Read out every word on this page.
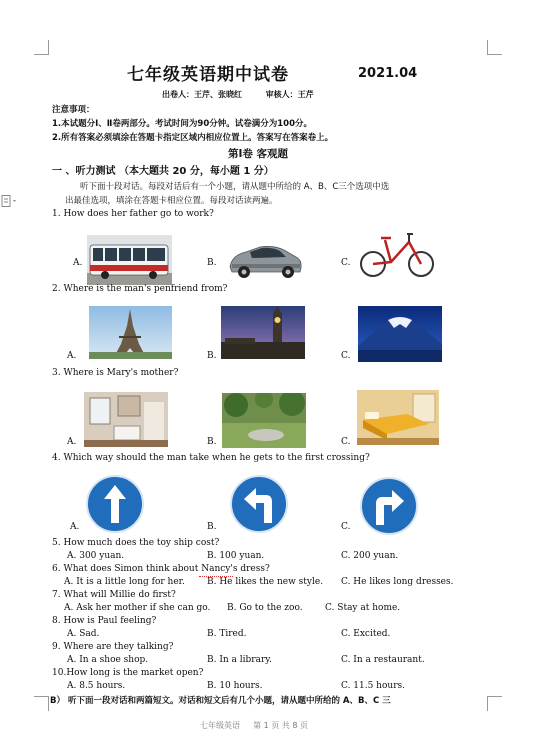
七年级英语期中试卷	2021.04
出卷人：王芹、张晓红	审核人：王芹
注意事项：
1.本试题分Ⅰ、Ⅱ卷两部分。考试时间为90分钟。试卷满分为100分。
2.所有答案必须填涂在答题卡指定区域内相应位置上。答案写在答案卷上。
第Ⅰ卷 客观题
一 、听力测试 （本大题共 20 分，每小题 1 分）
听下面十段对话。每段对话后有一个小题，请从题中所给的 A、B、C三个选项中选
出最佳选项，填涂在答题卡相应位置。每段对话读两遍。
1. How does her father go to work?
A.	B.	C.
2. Where is the man's penfriend from?
A.	B.	C.
3. Where is Mary's mother?
A.	B.	C.
4. Which way should the man take when he gets to the first crossing?
A.	B.	C.
5. How much does the toy ship cost?
A. 300 yuan.	B. 100 yuan.	C. 200 yuan.
6. What does Simon think about Nancy's dress?
A. It is a little long for her. B. He likes the new style. C. He likes long dresses.
7. What will Millie do first?
A. Ask her mother if she can go. B. Go to the zoo. C. Stay at home.
8. How is Paul feeling?
A. Sad.	B. Tired.	C. Excited.
9. Where are they talking?
A. In a shoe shop.	B. In a library.	C. In a restaurant.
10.How long is the market open?
A. 8.5 hours.	B. 10 hours.	C. 11.5 hours.
B） 听下面一段对话和两篇短文。对话和短文后有几个小题，请从题中所给的 A、B、C 三
七年级英语 第 1 页 共 8 页
